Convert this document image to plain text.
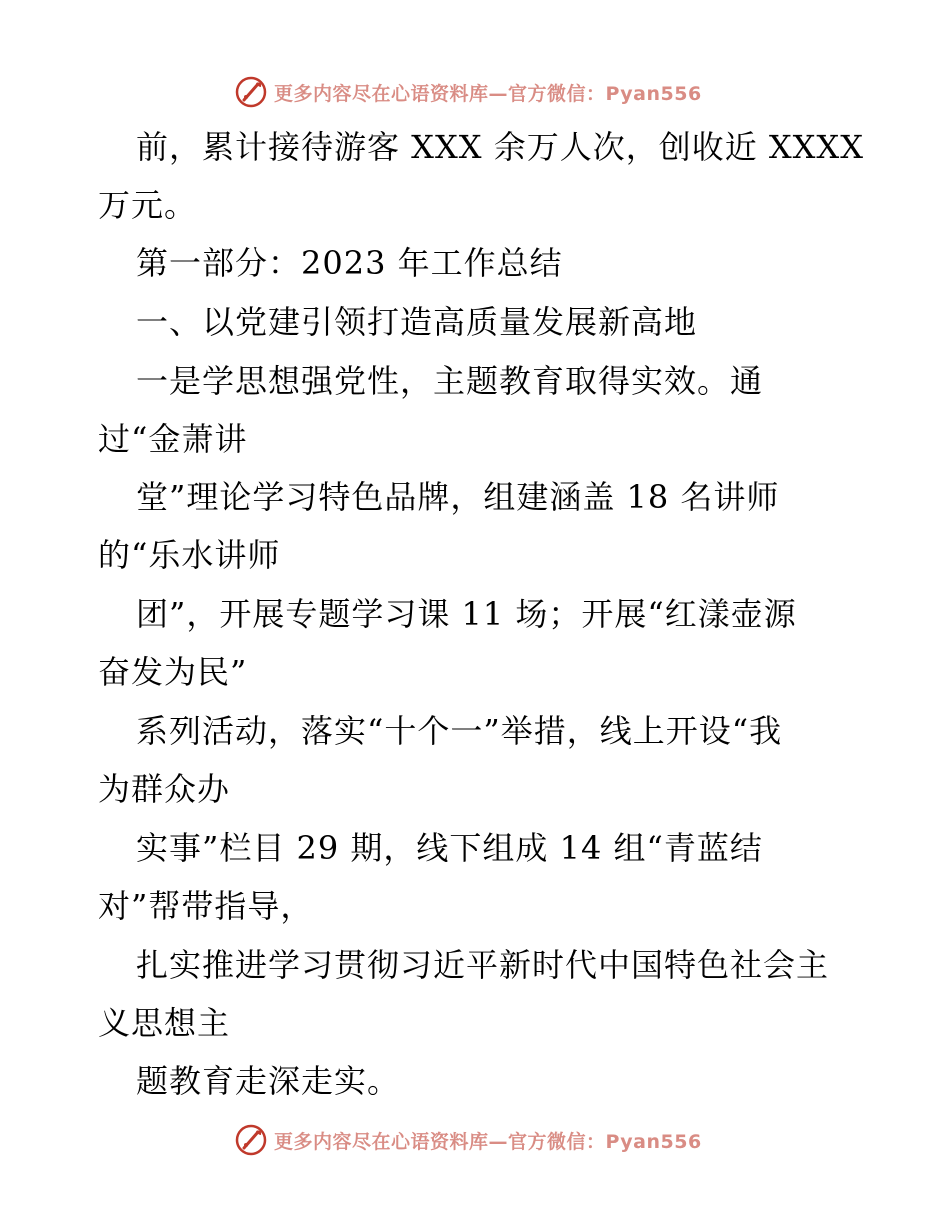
更多内容尽在心语资料库—官方微信：Pyan556
前，累计接待游客 XXX 余万人次，创收近 XXXX
万元。
第一部分：2023 年工作总结
一、以党建引领打造高质量发展新高地
一是学思想强党性，主题教育取得实效。通
过“金萧讲
堂”理论学习特色品牌，组建涵盖 18 名讲师
的“乐水讲师
团”，开展专题学习课 11 场；开展“红漾壶源
奋发为民”
系列活动，落实“十个一”举措，线上开设“我
为群众办
实事”栏目 29 期，线下组成 14 组“青蓝结
对”帮带指导，
扎实推进学习贯彻习近平新时代中国特色社会主
义思想主
题教育走深走实。
更多内容尽在心语资料库—官方微信：Pyan556
